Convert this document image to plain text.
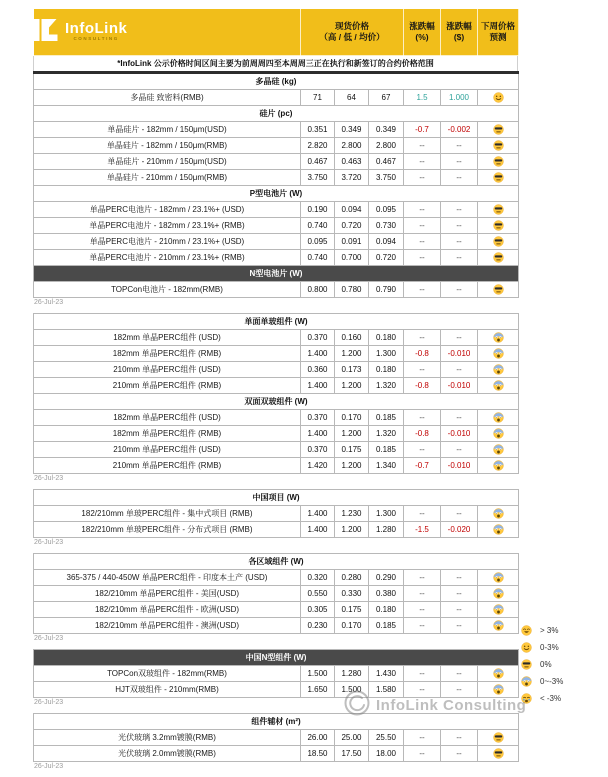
InfoLink
CONSULTING

现货价格
（高 / 低 / 均价）

涨跌幅
(%)

涨跌幅
($)

下周价格
预测
*InfoLink 公示价格时间区间主要为前周周四至本周周三正在执行和新签订的合约价格范围
多晶硅 (kg)						
多晶硅 致密料(RMB)	71	64	67	1.5	1.000	
硅片 (pc)						
单晶硅片 - 182mm / 150μm(USD)	0.351	0.349	0.349	-0.7	-0.002	
单晶硅片 - 182mm / 150μm(RMB)	2.820	2.800	2.800	--	--	
单晶硅片 - 210mm / 150μm(USD)	0.467	0.463	0.467	--	--	
单晶硅片 - 210mm / 150μm(RMB)	3.750	3.720	3.750	--	--	
P型电池片 (W)						
单晶PERC电池片 - 182mm / 23.1%+ (USD)	0.190	0.094	0.095	--	--	
单晶PERC电池片 - 182mm / 23.1%+ (RMB)	0.740	0.720	0.730	--	--	
单晶PERC电池片 - 210mm / 23.1%+ (USD)	0.095	0.091	0.094	--	--	
单晶PERC电池片 - 210mm / 23.1%+ (RMB)	0.740	0.700	0.720	--	--	
N型电池片 (W)						
TOPCon电池片 - 182mm(RMB)	0.800	0.780	0.790	--	--	
26-Jul-23
单面单玻组件 (W)						
182mm 单晶PERC组件 (USD)	0.370	0.160	0.180	--	--	
182mm 单晶PERC组件 (RMB)	1.400	1.200	1.300	-0.8	-0.010	
210mm 单晶PERC组件 (USD)	0.360	0.173	0.180	--	--	
210mm 单晶PERC组件 (RMB)	1.400	1.200	1.320	-0.8	-0.010	
双面双玻组件 (W)						
182mm 单晶PERC组件 (USD)	0.370	0.170	0.185	--	--	
182mm 单晶PERC组件 (RMB)	1.400	1.200	1.320	-0.8	-0.010	
210mm 单晶PERC组件 (USD)	0.370	0.175	0.185	--	--	
210mm 单晶PERC组件 (RMB)	1.420	1.200	1.340	-0.7	-0.010	
26-Jul-23
中国项目 (W)						
182/210mm 单玻PERC组件 - 集中式项目 (RMB)	1.400	1.230	1.300	--	--	
182/210mm 单玻PERC组件 - 分布式项目 (RMB)	1.400	1.200	1.280	-1.5	-0.020	
26-Jul-23
各区域组件 (W)						
365-375 / 440-450W 单晶PERC组件 - 印度本土产 (USD)	0.320	0.280	0.290	--	--	
182/210mm 单晶PERC组件 - 美国(USD)	0.550	0.330	0.380	--	--	
182/210mm 单晶PERC组件 - 欧洲(USD)	0.305	0.175	0.180	--	--	
182/210mm 单晶PERC组件 - 澳洲(USD)	0.230	0.170	0.185	--	--	
26-Jul-23
中国N型组件 (W)						
TOPCon双玻组件 - 182mm(RMB)	1.500	1.280	1.430	--	--	
HJT双玻组件 - 210mm(RMB)	1.650	1.500	1.580	--	--	
26-Jul-23
组件辅材 (m²)						
光伏玻璃 3.2mm镀膜(RMB)	26.00	25.00	25.50	--	--	
光伏玻璃 2.0mm镀膜(RMB)	18.50	17.50	18.00	--	--	
26-Jul-23
> 3%
0-3%
0%
0~-3%
< -3%
InfoLink Consulting
